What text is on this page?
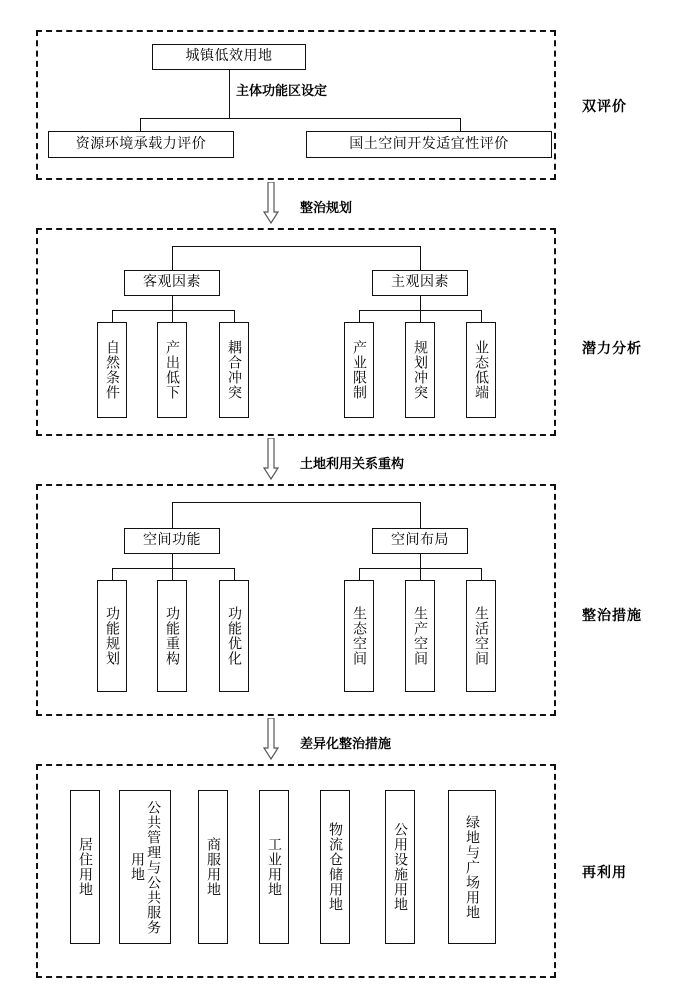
双评价
城镇低效用地
主体功能区设定
资源环境承载力评价	国土空间开发适宜性评价
整治规划
潜力分析
客观因素	主观因素
自然条件	产出低下	耦合冲突	产业限制	规划冲突	业态低端
土地利用关系重构
整治措施
空间功能	空间布局
功能规划	功能重构	功能优化	生态空间	生产空间	生活空间
差异化整治措施
再利用
居住用地	公共管理与公共服务用地	商服用地	工业用地	物流仓储用地	公用设施用地	绿地与广场用地
